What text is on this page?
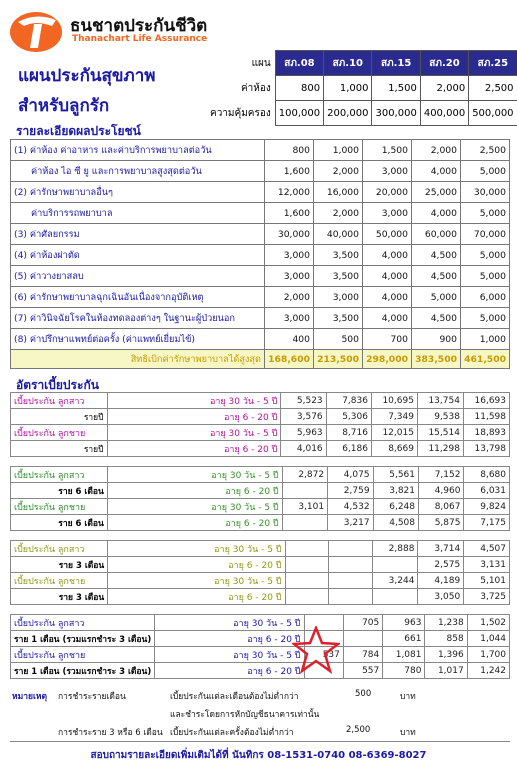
ธนชาตประกันชีวิต
Thanachart Life Assurance
แผนประกันสุขภาพ
สำหรับลูกรัก
แผน	สภ.08	สภ.10	สภ.15	สภ.20	สภ.25
ค่าห้อง	800	1,000	1,500	2,000	2,500
ความคุ้มครอง	100,000	200,000	300,000	400,000	500,000
รายละเอียดผลประโยชน์
(1) ค่าห้อง ค่าอาหาร และค่าบริการพยาบาลต่อวัน	800	1,000	1,500	2,000	2,500
ค่าห้อง ไอ ซี ยู และการพยาบาลสูงสุดต่อวัน	1,600	2,000	3,000	4,000	5,000
(2) ค่ารักษาพยาบาลอื่นๆ	12,000	16,000	20,000	25,000	30,000
ค่าบริการรถพยาบาล	1,600	2,000	3,000	4,000	5,000
(3) ค่าศัลยกรรม	30,000	40,000	50,000	60,000	70,000
(4) ค่าห้องผ่าตัด	3,000	3,500	4,000	4,500	5,000
(5) ค่าวางยาสลบ	3,000	3,500	4,000	4,500	5,000
(6) ค่ารักษาพยาบาลฉุกเฉินอันเนื่องจากอุบัติเหตุ	2,000	3,000	4,000	5,000	6,000
(7) ค่าวินิจฉัยโรคในห้องทดลองต่างๆ ในฐานะผู้ป่วยนอก	3,000	3,500	4,000	4,500	5,000
(8) ค่าปรึกษาแพทย์ต่อครั้ง (ค่าแพทย์เยี่ยมไข้)	400	500	700	900	1,000
สิทธิเบิกค่ารักษาพยาบาลได้สูงสุด	168,600	213,500	298,000	383,500	461,500
อัตราเบี้ยประกัน
เบี้ยประกัน ลูกสาว	อายุ 30 วัน - 5 ปี	5,523	7,836	10,695	13,754	16,693
รายปี	อายุ 6 - 20 ปี	3,576	5,306	7,349	9,538	11,598
เบี้ยประกัน ลูกชาย	อายุ 30 วัน - 5 ปี	5,963	8,716	12,015	15,514	18,893
รายปี	อายุ 6 - 20 ปี	4,016	6,186	8,669	11,298	13,798
เบี้ยประกัน ลูกสาว	อายุ 30 วัน - 5 ปี	2,872	4,075	5,561	7,152	8,680
ราย 6 เดือน	อายุ 6 - 20 ปี		2,759	3,821	4,960	6,031
เบี้ยประกัน ลูกชาย	อายุ 30 วัน - 5 ปี	3,101	4,532	6,248	8,067	9,824
ราย 6 เดือน	อายุ 6 - 20 ปี		3,217	4,508	5,875	7,175
เบี้ยประกัน ลูกสาว	อายุ 30 วัน - 5 ปี			2,888	3,714	4,507
ราย 3 เดือน	อายุ 6 - 20 ปี				2,575	3,131
เบี้ยประกัน ลูกชาย	อายุ 30 วัน - 5 ปี			3,244	4,189	5,101
ราย 3 เดือน	อายุ 6 - 20 ปี				3,050	3,725
เบี้ยประกัน ลูกสาว	อายุ 30 วัน - 5 ปี		705	963	1,238	1,502
ราย 1 เดือน (รวมแรกชำระ 3 เดือน)	อายุ 6 - 20 ปี			661	858	1,044
เบี้ยประกัน ลูกชาย	อายุ 30 วัน - 5 ปี	537	784	1,081	1,396	1,700
ราย 1 เดือน (รวมแรกชำระ 3 เดือน)	อายุ 6 - 20 ปี		557	780	1,017	1,242
หมายเหตุ การชำระรายเดือน	เบี้ยประกันแต่ละเดือนต้องไม่ต่ำกว่า	500	บาท
และชำระโดยการหักบัญชีธนาคารเท่านั้น
การชำระราย 3 หรือ 6 เดือน เบี้ยประกันแต่ละครั้งต้องไม่ต่ำกว่า	2,500	บาท
สอบถามรายละเอียดเพิ่มเติมได้ที่ นันทิกร 08-1531-0740 08-6369-8027
